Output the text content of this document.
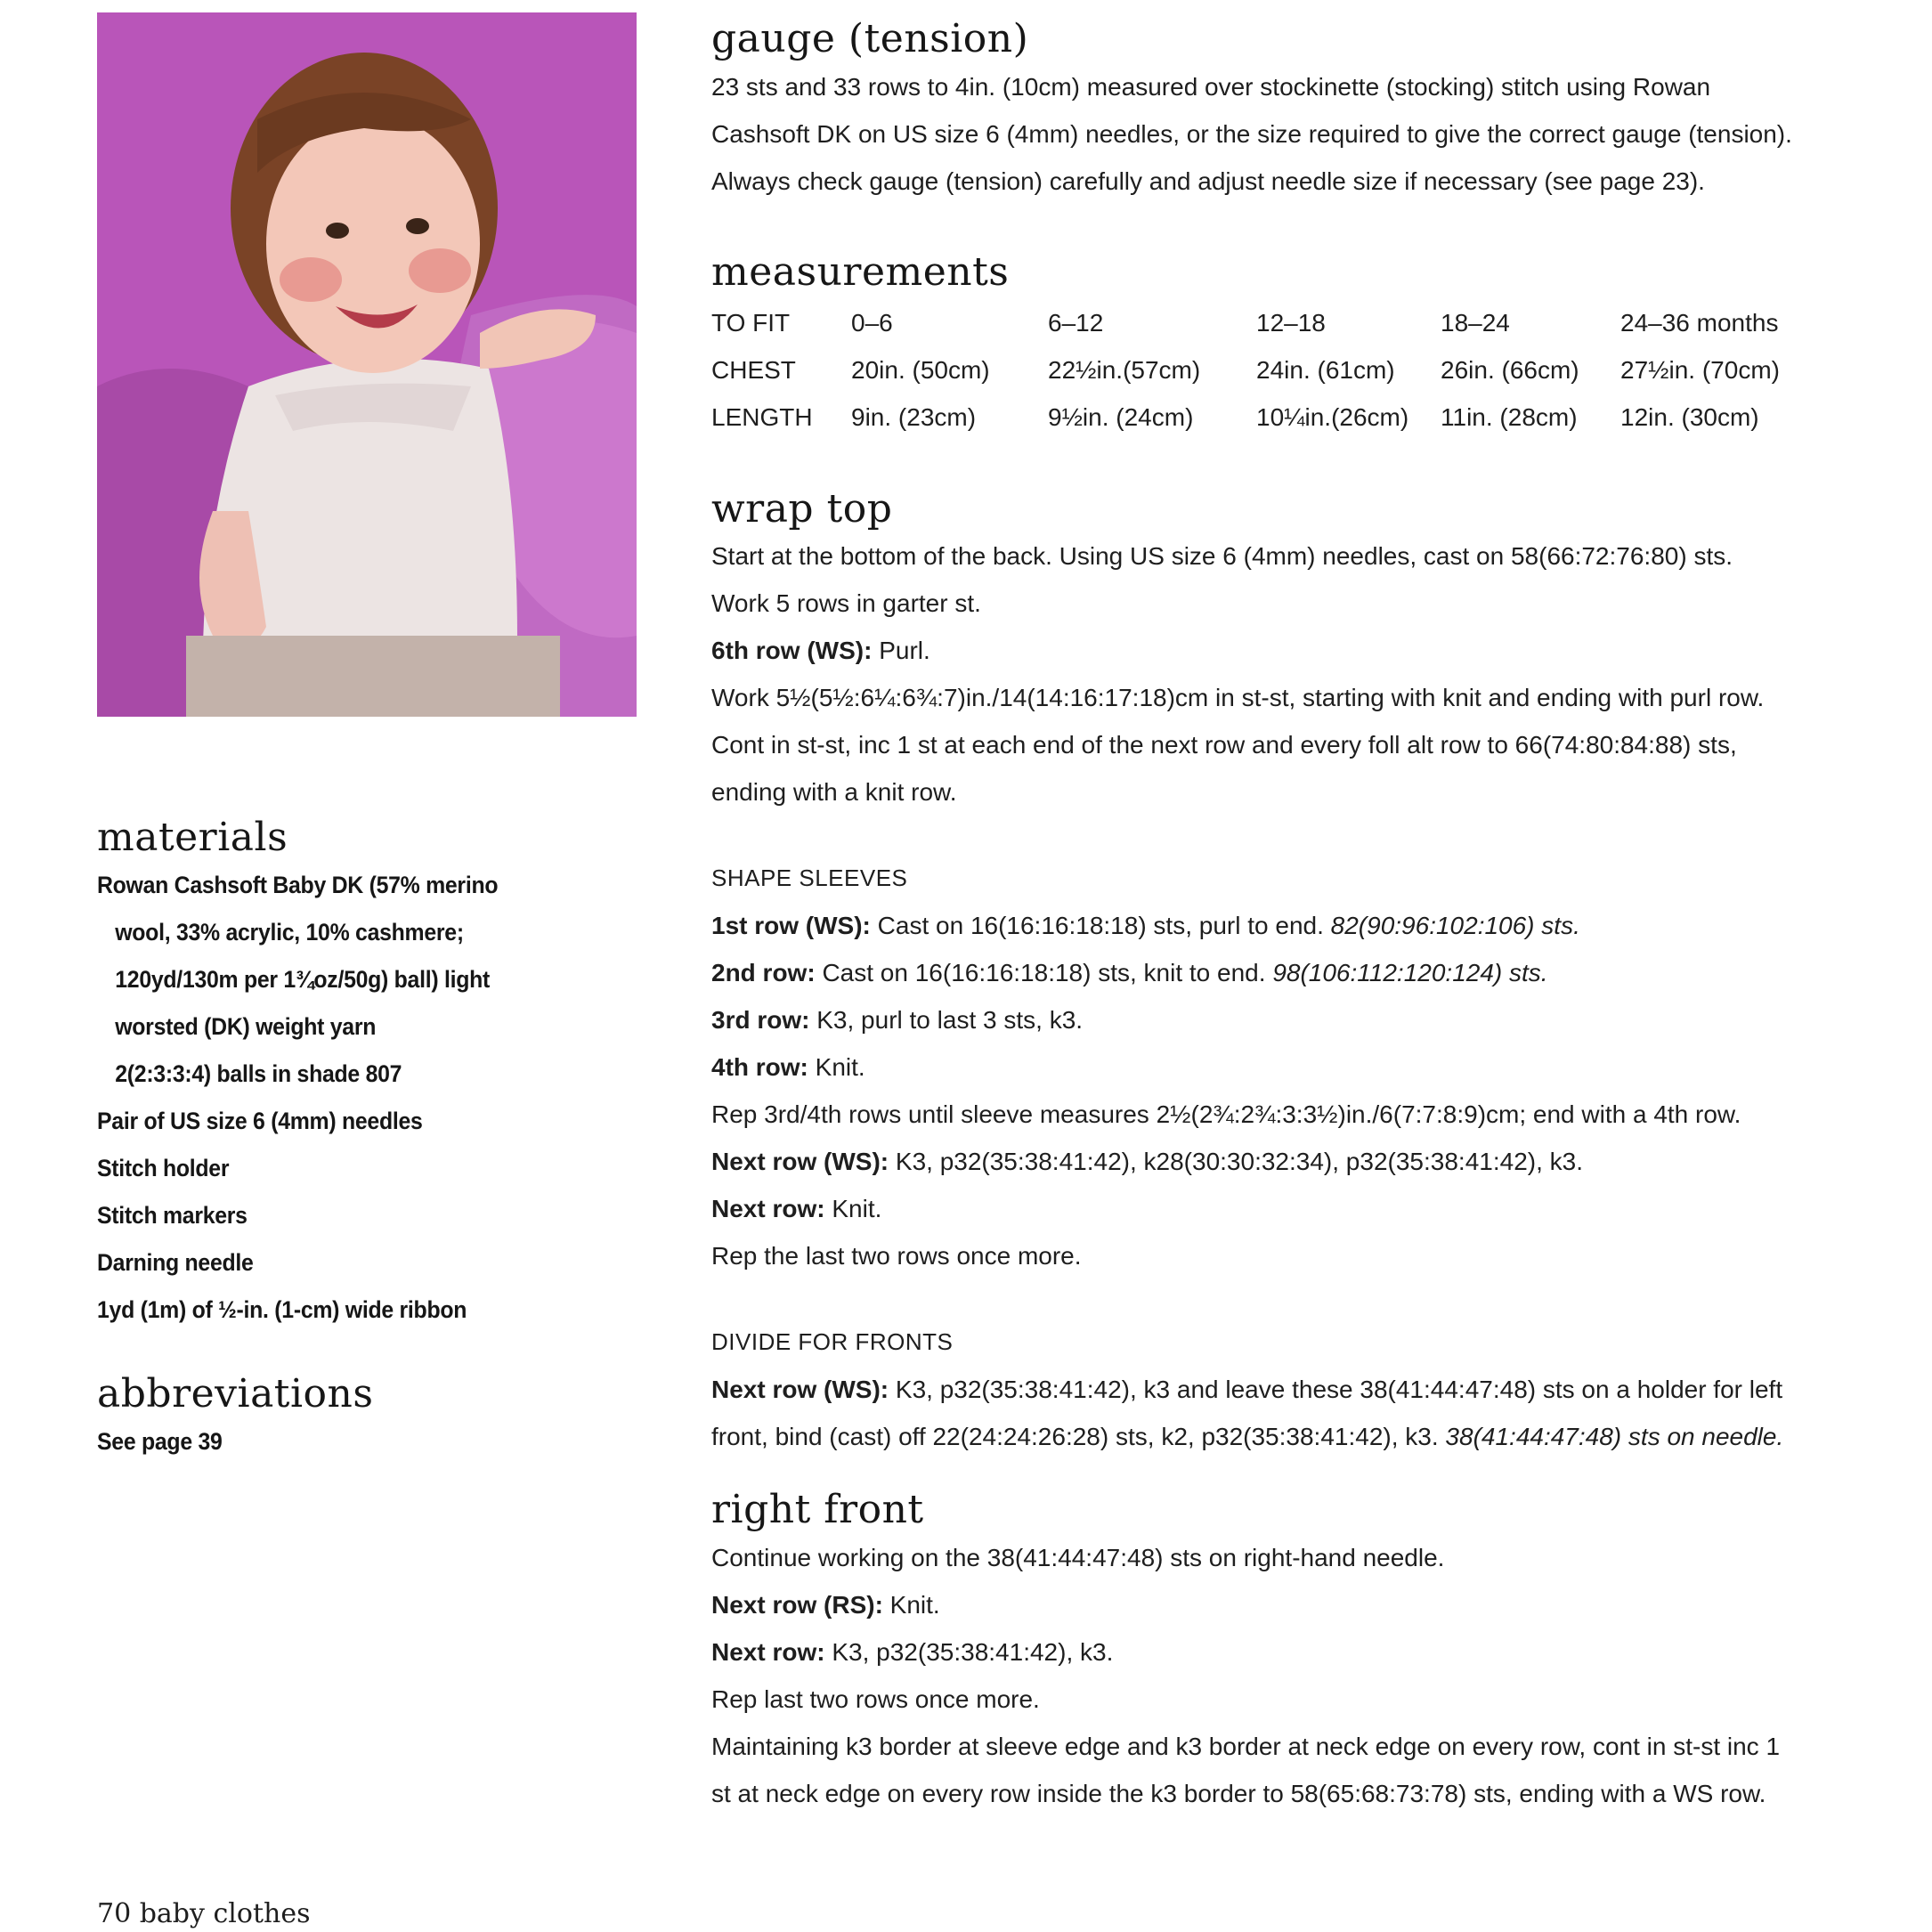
gauge (tension)

23 sts and 33 rows to 4in. (10cm) measured over stockinette (stocking) stitch using Rowan

Cashsoft DK on US size 6 (4mm) needles, or the size required to give the correct gauge (tension).

Always check gauge (tension) carefully and adjust needle size if necessary (see page 23).

measurements
TO FIT	0–6	6–12	12–18	18–24	24–36 months
CHEST	20in. (50cm)	22½in.(57cm)	24in. (61cm)	26in. (66cm)	27½in. (70cm)
LENGTH	9in. (23cm)	9½in. (24cm)	10¼in.(26cm)	11in. (28cm)	12in. (30cm)
wrap top

Start at the bottom of the back. Using US size 6 (4mm) needles, cast on 58(66:72:76:80) sts.

Work 5 rows in garter st.

6th row (WS): Purl.

Work 5½(5½:6¼:6¾:7)in./14(14:16:17:18)cm in st-st, starting with knit and ending with purl row.

Cont in st-st, inc 1 st at each end of the next row and every foll alt row to 66(74:80:84:88) sts,

ending with a knit row.

SHAPE SLEEVES

1st row (WS): Cast on 16(16:16:18:18) sts, purl to end. 82(90:96:102:106) sts.

2nd row: Cast on 16(16:16:18:18) sts, knit to end. 98(106:112:120:124) sts.

3rd row: K3, purl to last 3 sts, k3.

4th row: Knit.

Rep 3rd/4th rows until sleeve measures 2½(2¾:2¾:3:3½)in./6(7:7:8:9)cm; end with a 4th row.

Next row (WS): K3, p32(35:38:41:42), k28(30:30:32:34), p32(35:38:41:42), k3.

Next row: Knit.

Rep the last two rows once more.

DIVIDE FOR FRONTS

Next row (WS): K3, p32(35:38:41:42), k3 and leave these 38(41:44:47:48) sts on a holder for left

front, bind (cast) off 22(24:24:26:28) sts, k2, p32(35:38:41:42), k3. 38(41:44:47:48) sts on needle.

right front

Continue working on the 38(41:44:47:48) sts on right-hand needle.

Next row (RS): Knit.

Next row: K3, p32(35:38:41:42), k3.

Rep last two rows once more.

Maintaining k3 border at sleeve edge and k3 border at neck edge on every row, cont in st-st inc 1

st at neck edge on every row inside the k3 border to 58(65:68:73:78) sts, ending with a WS row.

materials

Rowan Cashsoft Baby DK (57% merino

wool, 33% acrylic, 10% cashmere;

120yd/130m per 1¾oz/50g) ball) light

worsted (DK) weight yarn

2(2:3:3:4) balls in shade 807

Pair of US size 6 (4mm) needles

Stitch holder

Stitch markers

Darning needle

1yd (1m) of ½-in. (1-cm) wide ribbon

abbreviations

See page 39

70 baby clothes
